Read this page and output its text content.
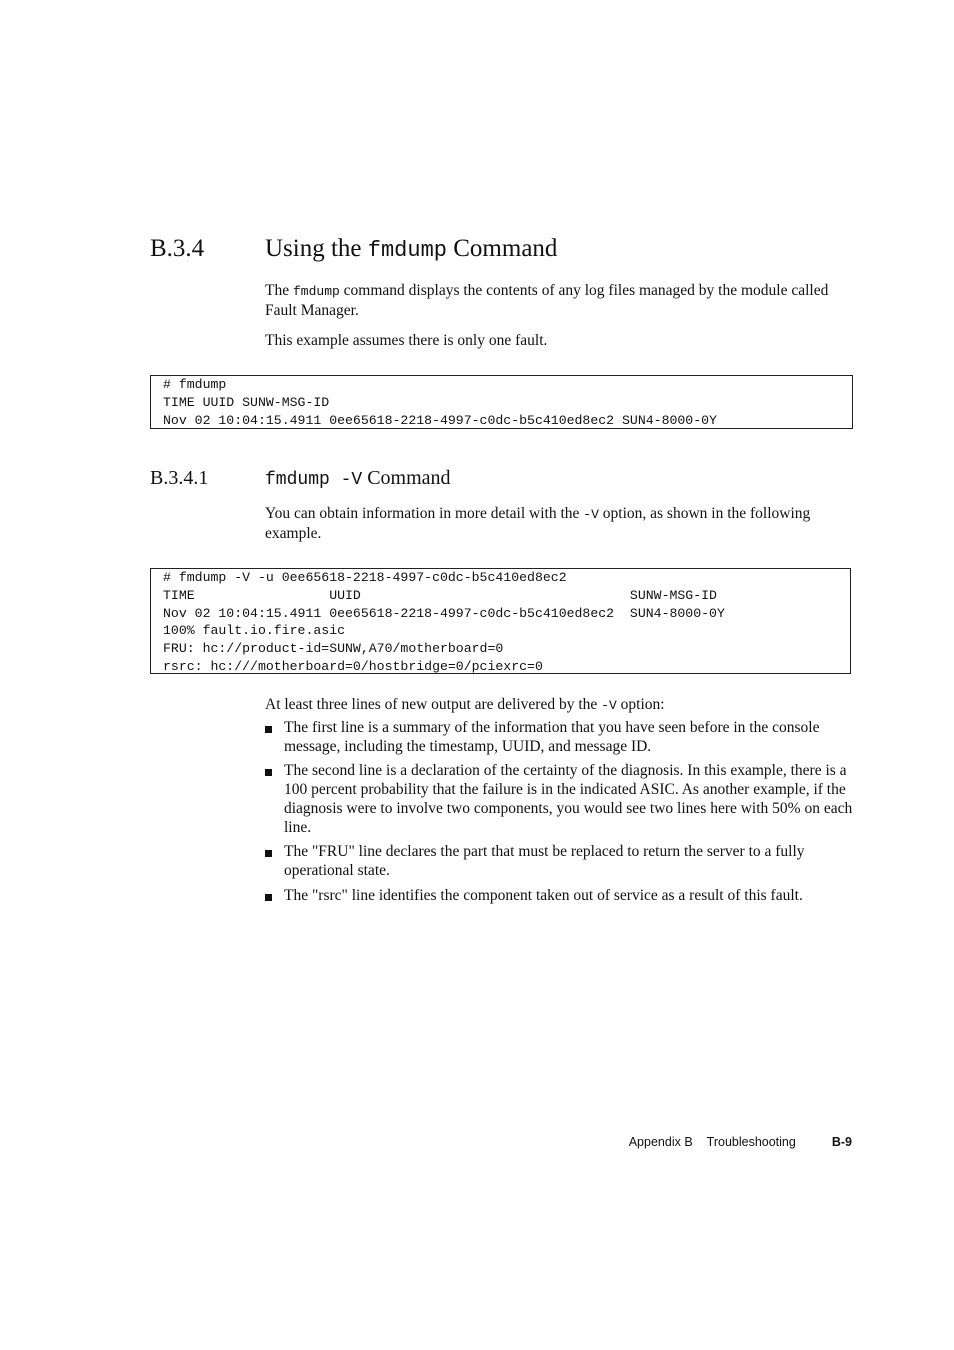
B.3.4 Using the fmdump Command
The fmdump command displays the contents of any log files managed by the module called Fault Manager.
This example assumes there is only one fault.
# fmdump
TIME UUID SUNW-MSG-ID
Nov 02 10:04:15.4911 0ee65618-2218-4997-c0dc-b5c410ed8ec2 SUN4-8000-0Y
B.3.4.1	fmdump -V Command
You can obtain information in more detail with the -V option, as shown in the following example.
# fmdump -V -u 0ee65618-2218-4997-c0dc-b5c410ed8ec2
TIME                 UUID                                  SUNW-MSG-ID
Nov 02 10:04:15.4911 0ee65618-2218-4997-c0dc-b5c410ed8ec2  SUN4-8000-0Y
100% fault.io.fire.asic
FRU: hc://product-id=SUNW,A70/motherboard=0
rsrc: hc:///motherboard=0/hostbridge=0/pciexrc=0
At least three lines of new output are delivered by the -V option:
The first line is a summary of the information that you have seen before in the console message, including the timestamp, UUID, and message ID.
The second line is a declaration of the certainty of the diagnosis. In this example, there is a 100 percent probability that the failure is in the indicated ASIC. As another example, if the diagnosis were to involve two components, you would see two lines here with 50% on each line.
The "FRU" line declares the part that must be replaced to return the server to a fully operational state.
The "rsrc" line identifies the component taken out of service as a result of this fault.
Appendix B Troubleshooting	B-9
